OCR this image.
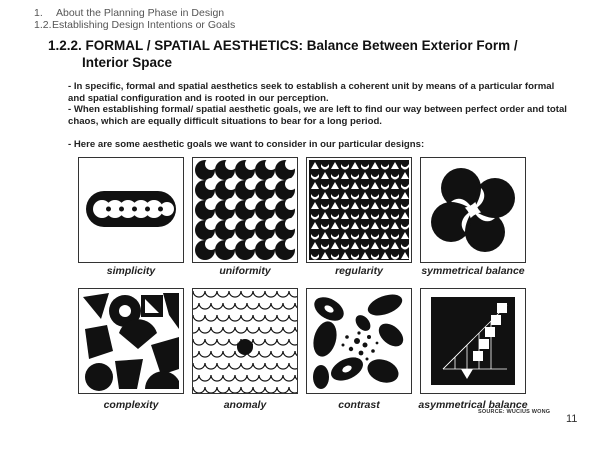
1. About the Planning Phase in Design
1.2.Establishing Design Intentions or Goals
1.2.2. FORMAL / SPATIAL AESTHETICS: Balance Between Exterior Form /
Interior Space

- In specific, formal and spatial aesthetics seek to establish a coherent unit by means of a particular formal and spatial configuration and is rooted in our perception.

- When establishing formal/ spatial aesthetic goals, we are left to find our way between perfect order and total chaos, which are equally difficult situations to bear for a long period.

- Here are some aesthetic goals we want to consider in our particular designs:

simplicity	uniformity	regularity	symmetrical balance
complexity	anomaly	contrast	asymmetrical balance
SOURCE: WUCIUS WONG
11
